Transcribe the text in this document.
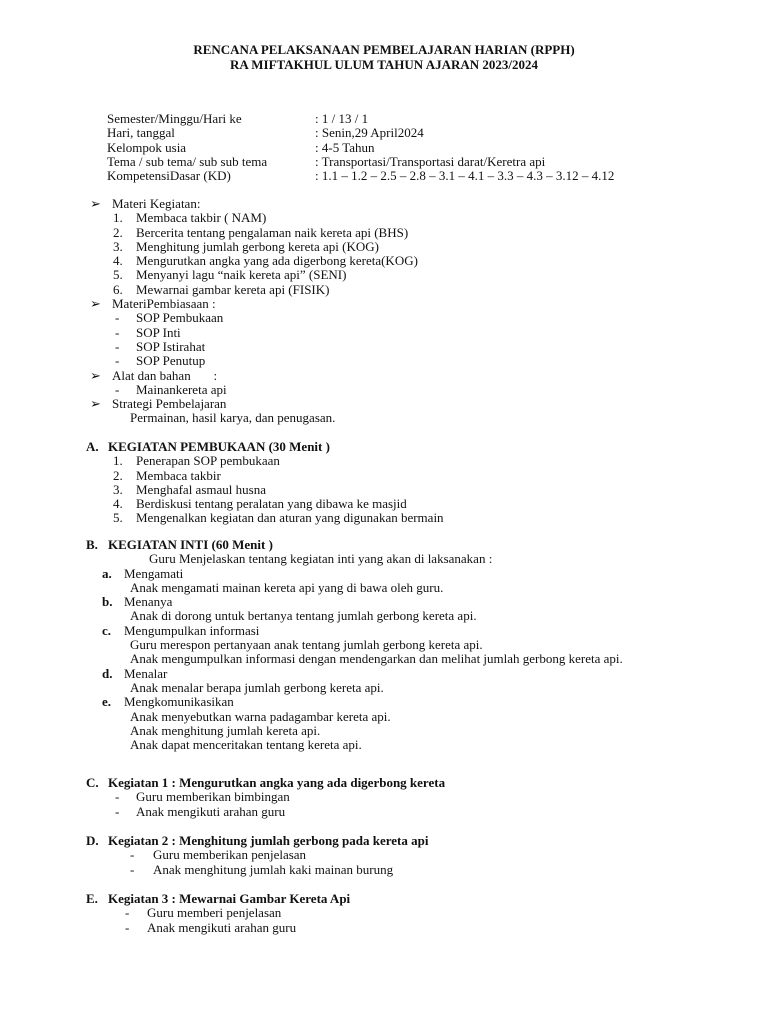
RENCANA PELAKSANAAN PEMBELAJARAN HARIAN (RPPH)
RA MIFTAKHUL ULUM TAHUN AJARAN 2023/2024
Semester/Minggu/Hari ke	: 1 / 13 / 1
Hari, tanggal	: Senin,29 April2024
Kelompok usia	: 4-5 Tahun
Tema / sub tema/ sub sub tema	: Transportasi/Transportasi darat/Keretra api
KompetensiDasar (KD)	: 1.1 – 1.2 – 2.5 – 2.8 – 3.1 – 4.1 – 3.3 – 4.3 – 3.12 – 4.12
➢ Materi Kegiatan:
1. Membaca takbir ( NAM)
2. Bercerita tentang pengalaman naik kereta api (BHS)
3. Menghitung jumlah gerbong kereta api (KOG)
4. Mengurutkan angka yang ada digerbong kereta(KOG)
5. Menyanyi lagu “naik kereta api” (SENI)
6. Mewarnai gambar kereta api (FISIK)
➢ MateriPembiasaan :
- SOP Pembukaan
- SOP Inti
- SOP Istirahat
- SOP Penutup
➢ Alat dan bahan       :
- Mainankereta api
➢ Strategi Pembelajaran
Permainan, hasil karya, dan penugasan.
A. KEGIATAN PEMBUKAAN (30 Menit )
1. Penerapan SOP pembukaan
2. Membaca takbir
3. Menghafal asmaul husna
4. Berdiskusi tentang peralatan yang dibawa ke masjid
5. Mengenalkan kegiatan dan aturan yang digunakan bermain
B. KEGIATAN INTI (60 Menit )
Guru Menjelaskan tentang kegiatan inti yang akan di laksanakan :
a. Mengamati
Anak mengamati mainan kereta api yang di bawa oleh guru.
b. Menanya
Anak di dorong untuk bertanya tentang jumlah gerbong kereta api.
c. Mengumpulkan informasi
Guru merespon pertanyaan anak tentang jumlah gerbong kereta api.
Anak mengumpulkan informasi dengan mendengarkan dan melihat jumlah gerbong kereta api.
d. Menalar
Anak menalar berapa jumlah gerbong kereta api.
e. Mengkomunikasikan
Anak menyebutkan warna padagambar kereta api.
Anak menghitung jumlah kereta api.
Anak dapat menceritakan tentang kereta api.
C. Kegiatan 1 : Mengurutkan angka yang ada digerbong kereta
- Guru memberikan bimbingan
- Anak mengikuti arahan guru
D. Kegiatan 2 : Menghitung jumlah gerbong pada kereta api
- Guru memberikan penjelasan
- Anak menghitung jumlah kaki mainan burung
E. Kegiatan 3 : Mewarnai Gambar Kereta Api
- Guru memberi penjelasan
- Anak mengikuti arahan guru
